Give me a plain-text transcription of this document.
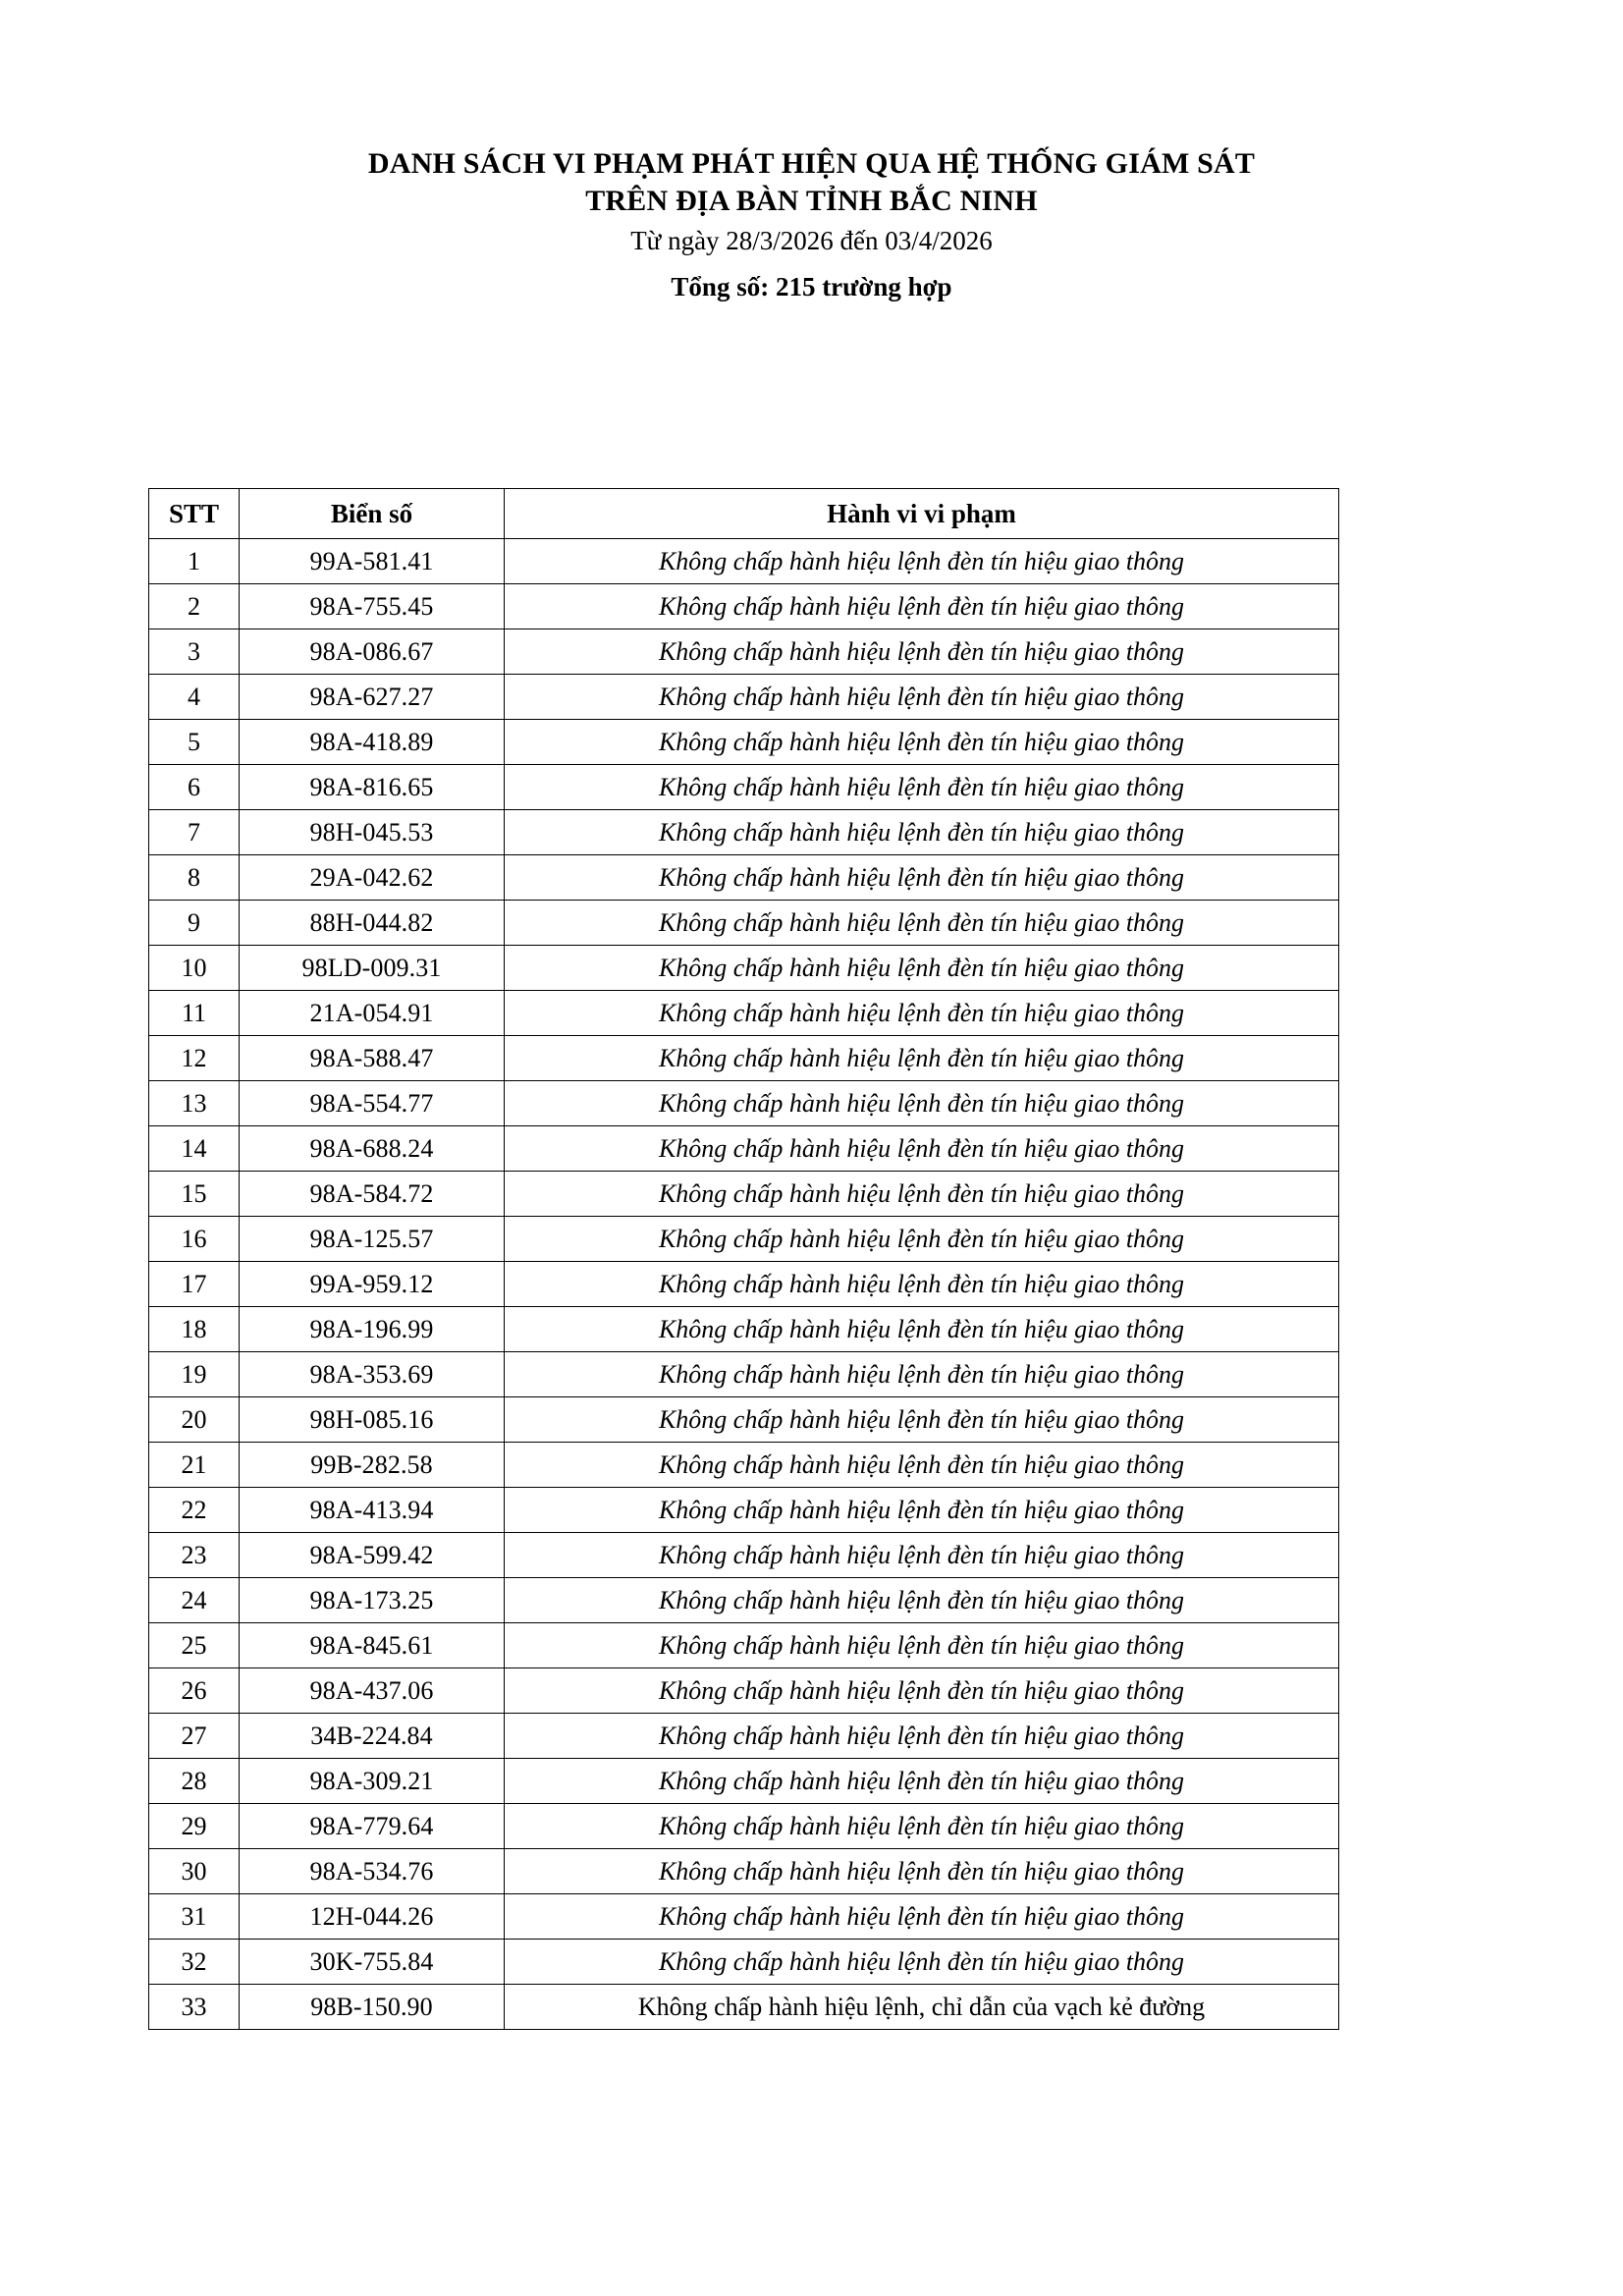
DANH SÁCH VI PHẠM PHÁT HIỆN QUA HỆ THỐNG GIÁM SÁT
TRÊN ĐỊA BÀN TỈNH BẮC NINH
Từ ngày 28/3/2026 đến 03/4/2026
Tổng số: 215 trường hợp
STT	Biển số	Hành vi vi phạm
1	99A-581.41	Không chấp hành hiệu lệnh đèn tín hiệu giao thông
2	98A-755.45	Không chấp hành hiệu lệnh đèn tín hiệu giao thông
3	98A-086.67	Không chấp hành hiệu lệnh đèn tín hiệu giao thông
4	98A-627.27	Không chấp hành hiệu lệnh đèn tín hiệu giao thông
5	98A-418.89	Không chấp hành hiệu lệnh đèn tín hiệu giao thông
6	98A-816.65	Không chấp hành hiệu lệnh đèn tín hiệu giao thông
7	98H-045.53	Không chấp hành hiệu lệnh đèn tín hiệu giao thông
8	29A-042.62	Không chấp hành hiệu lệnh đèn tín hiệu giao thông
9	88H-044.82	Không chấp hành hiệu lệnh đèn tín hiệu giao thông
10	98LD-009.31	Không chấp hành hiệu lệnh đèn tín hiệu giao thông
11	21A-054.91	Không chấp hành hiệu lệnh đèn tín hiệu giao thông
12	98A-588.47	Không chấp hành hiệu lệnh đèn tín hiệu giao thông
13	98A-554.77	Không chấp hành hiệu lệnh đèn tín hiệu giao thông
14	98A-688.24	Không chấp hành hiệu lệnh đèn tín hiệu giao thông
15	98A-584.72	Không chấp hành hiệu lệnh đèn tín hiệu giao thông
16	98A-125.57	Không chấp hành hiệu lệnh đèn tín hiệu giao thông
17	99A-959.12	Không chấp hành hiệu lệnh đèn tín hiệu giao thông
18	98A-196.99	Không chấp hành hiệu lệnh đèn tín hiệu giao thông
19	98A-353.69	Không chấp hành hiệu lệnh đèn tín hiệu giao thông
20	98H-085.16	Không chấp hành hiệu lệnh đèn tín hiệu giao thông
21	99B-282.58	Không chấp hành hiệu lệnh đèn tín hiệu giao thông
22	98A-413.94	Không chấp hành hiệu lệnh đèn tín hiệu giao thông
23	98A-599.42	Không chấp hành hiệu lệnh đèn tín hiệu giao thông
24	98A-173.25	Không chấp hành hiệu lệnh đèn tín hiệu giao thông
25	98A-845.61	Không chấp hành hiệu lệnh đèn tín hiệu giao thông
26	98A-437.06	Không chấp hành hiệu lệnh đèn tín hiệu giao thông
27	34B-224.84	Không chấp hành hiệu lệnh đèn tín hiệu giao thông
28	98A-309.21	Không chấp hành hiệu lệnh đèn tín hiệu giao thông
29	98A-779.64	Không chấp hành hiệu lệnh đèn tín hiệu giao thông
30	98A-534.76	Không chấp hành hiệu lệnh đèn tín hiệu giao thông
31	12H-044.26	Không chấp hành hiệu lệnh đèn tín hiệu giao thông
32	30K-755.84	Không chấp hành hiệu lệnh đèn tín hiệu giao thông
33	98B-150.90	Không chấp hành hiệu lệnh, chỉ dẫn của vạch kẻ đường
